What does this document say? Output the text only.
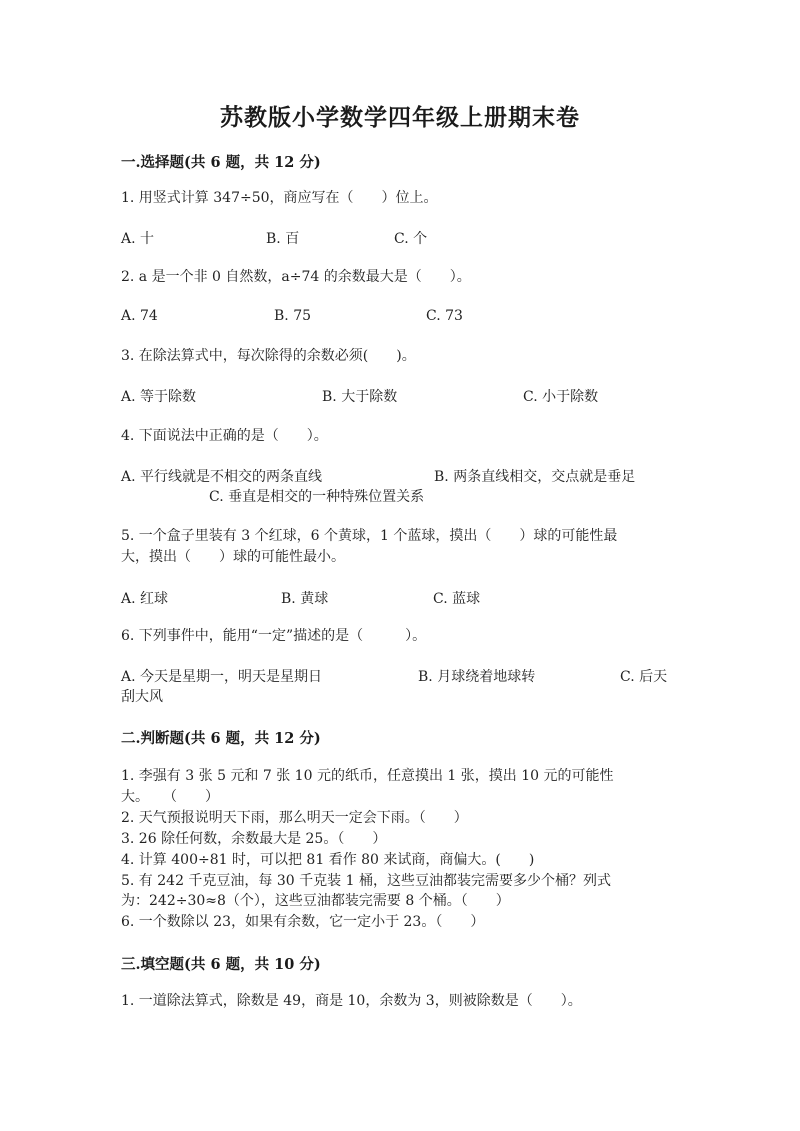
苏教版小学数学四年级上册期末卷
一.选择题(共 6 题，共 12 分)
1. 用竖式计算 347÷50，商应写在（　　）位上。
A. 十	B. 百	C. 个
2. a 是一个非 0 自然数，a÷74 的余数最大是（　　）。
A. 74	B. 75	C. 73
3. 在除法算式中，每次除得的余数必须(　　)。
A. 等于除数	B. 大于除数	C. 小于除数
4. 下面说法中正确的是（　　）。
A. 平行线就是不相交的两条直线	B. 两条直线相交，交点就是垂足
C. 垂直是相交的一种特殊位置关系
5. 一个盒子里装有 3 个红球，6 个黄球，1 个蓝球，摸出（　　）球的可能性最
大，摸出（　　）球的可能性最小。
A. 红球	B. 黄球	C. 蓝球
6. 下列事件中，能用“一定”描述的是（　　　）。
A. 今天是星期一，明天是星期日	B. 月球绕着地球转	C. 后天
刮大风
二.判断题(共 6 题，共 12 分)
1. 李强有 3 张 5 元和 7 张 10 元的纸币，任意摸出 1 张，摸出 10 元的可能性
大。　　（　　）
2. 天气预报说明天下雨，那么明天一定会下雨。（　　）
3. 26 除任何数，余数最大是 25。（　　）
4. 计算 400÷81 时，可以把 81 看作 80 来试商，商偏大。(　　)
5. 有 242 千克豆油，每 30 千克装 1 桶，这些豆油都装完需要多少个桶？列式
为：242÷30≈8（个），这些豆油都装完需要 8 个桶。（　　）
6. 一个数除以 23，如果有余数，它一定小于 23。（　　）
三.填空题(共 6 题，共 10 分)
1. 一道除法算式，除数是 49，商是 10，余数为 3，则被除数是（　　）。
